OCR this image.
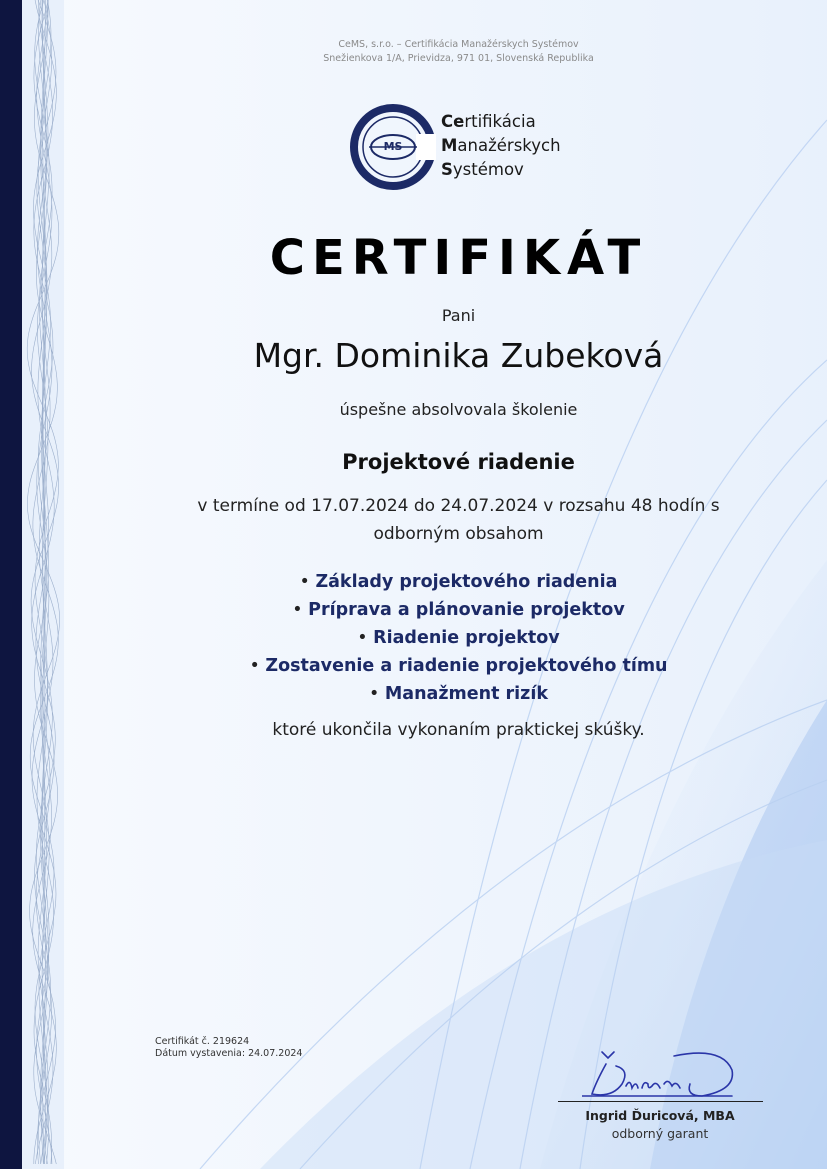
CeMS, s.r.o. – Certifikácia Manažérskych Systémov
Snežienkova 1/A, Prievidza, 971 01, Slovenská Republika
MS
Certifikácia
Manažérskych
Systémov
CERTIFIKÁT
Pani
Mgr. Dominika Zubeková
úspešne absolvovala školenie
Projektové riadenie
v termíne od 17.07.2024 do 24.07.2024 v rozsahu 48 hodín s
odborným obsahom
• Základy projektového riadenia
• Príprava a plánovanie projektov
• Riadenie projektov
• Zostavenie a riadenie projektového tímu
• Manažment rizík
ktoré ukončila vykonaním praktickej skúšky.
Certifikát č. 219624
Dátum vystavenia: 24.07.2024
Ingrid Ďuricová, MBA
odborný garant
